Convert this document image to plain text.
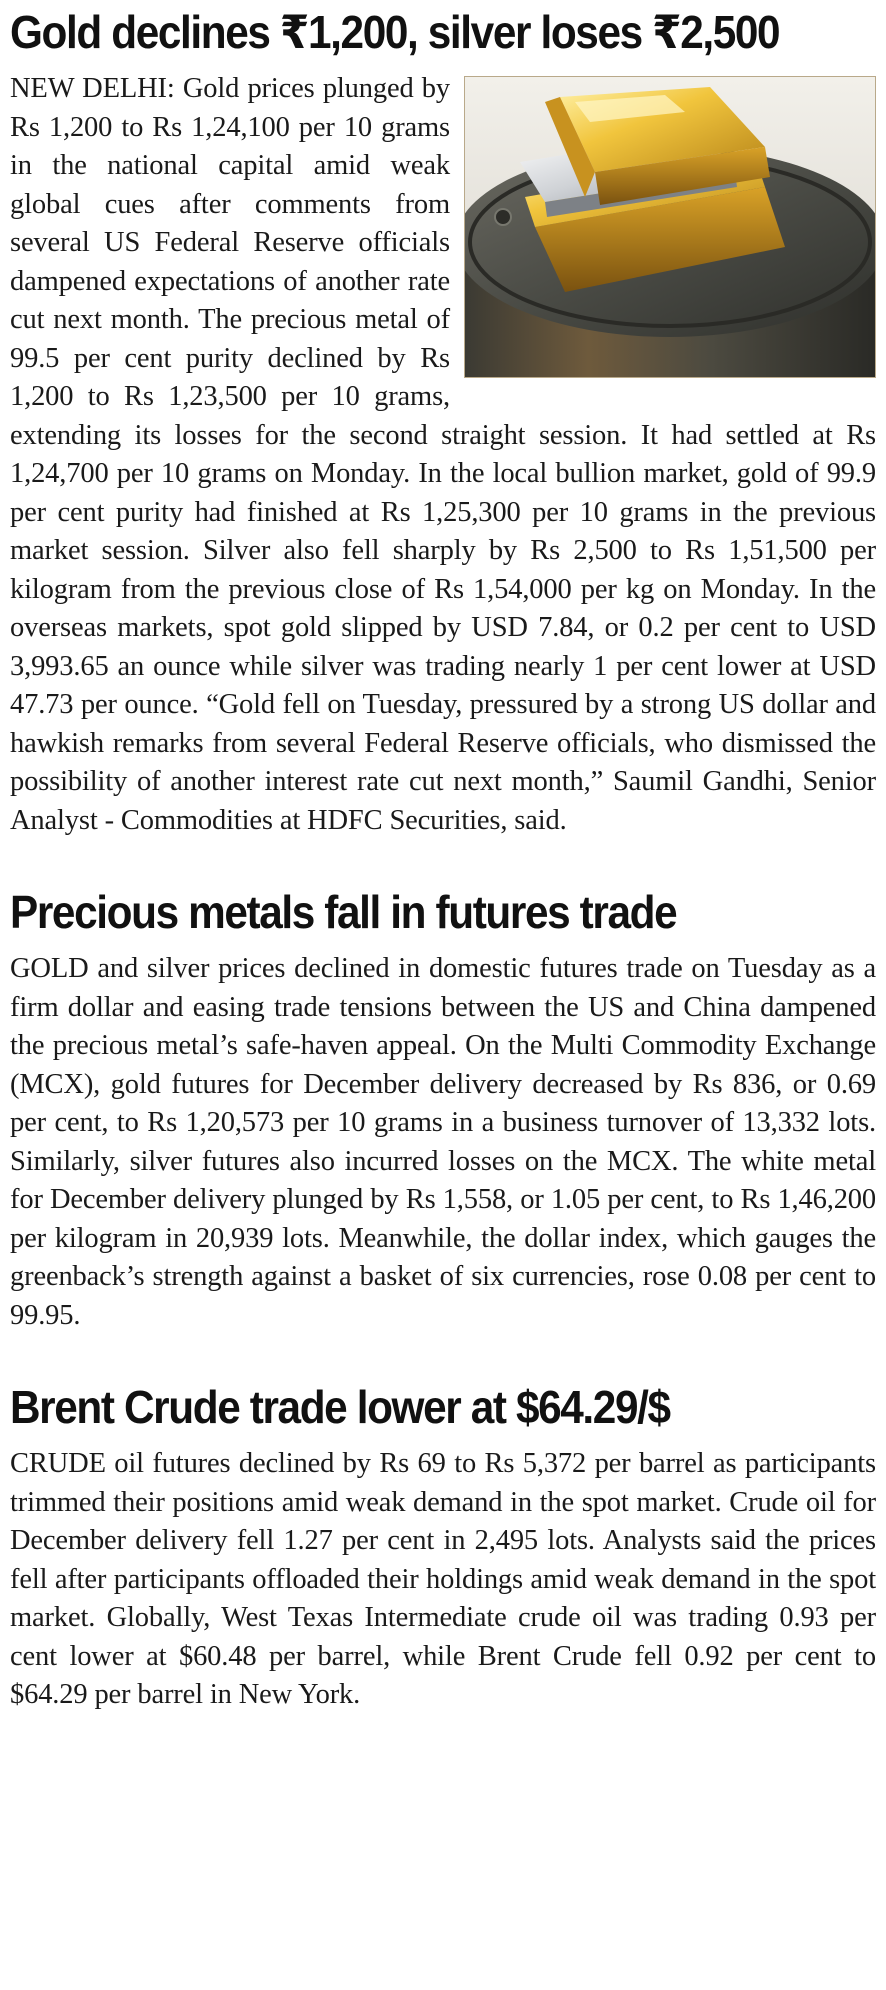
Gold declines ₹1,200, silver loses ₹2,500

NEW DELHI: Gold prices plunged by Rs 1,200 to Rs 1,24,100 per 10 grams in the national capital amid weak global cues after comments from several US Federal Reserve officials dampened expectations of another rate cut next month. The precious metal of 99.5 per cent purity declined by Rs 1,200 to Rs 1,23,500 per 10 grams, extending its losses for the second straight session. It had settled at Rs 1,24,700 per 10 grams on Monday. In the local bullion market, gold of 99.9 per cent purity had finished at Rs 1,25,300 per 10 grams in the previous market session. Silver also fell sharply by Rs 2,500 to Rs 1,51,500 per kilogram from the previous close of Rs 1,54,000 per kg on Monday. In the overseas markets, spot gold slipped by USD 7.84, or 0.2 per cent to USD 3,993.65 an ounce while silver was trading nearly 1 per cent lower at USD 47.73 per ounce. “Gold fell on Tuesday, pressured by a strong US dollar and hawkish remarks from several Federal Reserve officials, who dismissed the possibility of another interest rate cut next month,” Saumil Gandhi, Senior Analyst - Commodities at HDFC Securities, said.

Precious metals fall in futures trade

GOLD and silver prices declined in domestic futures trade on Tuesday as a firm dollar and easing trade tensions between the US and China dampened the precious metal’s safe-haven appeal. On the Multi Commodity Exchange (MCX), gold futures for December delivery decreased by Rs 836, or 0.69 per cent, to Rs 1,20,573 per 10 grams in a business turnover of 13,332 lots. Similarly, silver futures also incurred losses on the MCX. The white metal for December delivery plunged by Rs 1,558, or 1.05 per cent, to Rs 1,46,200 per kilogram in 20,939 lots. Meanwhile, the dollar index, which gauges the greenback’s strength against a basket of six currencies, rose 0.08 per cent to 99.95.

Brent Crude trade lower at $64.29/$

CRUDE oil futures declined by Rs 69 to Rs 5,372 per barrel as participants trimmed their positions amid weak demand in the spot market. Crude oil for December delivery fell 1.27 per cent in 2,495 lots. Analysts said the prices fell after participants offloaded their holdings amid weak demand in the spot market. Globally, West Texas Intermediate crude oil was trading 0.93 per cent lower at $60.48 per barrel, while Brent Crude fell 0.92 per cent to $64.29 per barrel in New York.
